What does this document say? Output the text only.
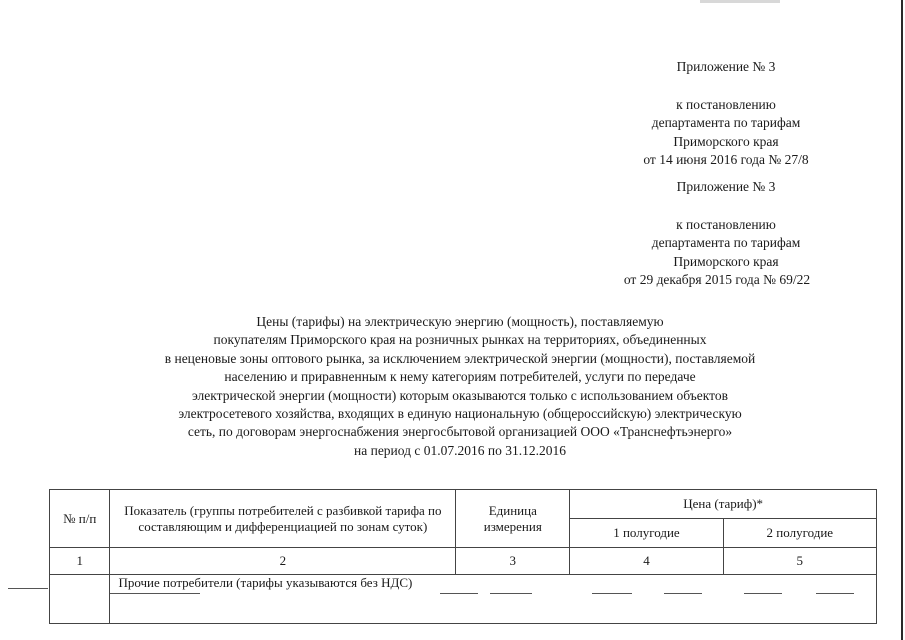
Приложение № 3
к постановлению
департамента по тарифам
Приморского края
от 14 июня 2016 года № 27/8
Приложение № 3
к постановлению
департамента по тарифам
Приморского края
от 29 декабря 2015 года № 69/22
Цены (тарифы) на электрическую энергию (мощность), поставляемую
покупателям Приморского края на розничных рынках на территориях, объединенных
в неценовые зоны оптового рынка, за исключением электрической энергии (мощности), поставляемой
населению и приравненным к нему категориям потребителей, услуги по передаче
электрической энергии (мощности) которым оказываются только с использованием объектов
электросетевого хозяйства, входящих в единую национальную (общероссийскую) электрическую
сеть, по договорам энергоснабжения энергосбытовой организацией ООО «Транснефтьэнерго»
на период с 01.07.2016 по 31.12.2016
№ п/п	Показатель (группы потребителей с разбивкой тарифа по составляющим и дифференциацией по зонам суток)	Единица измерения	Цена (тариф)*	
			1 полугодие	2 полугодие
1	2	3	4	5
	Прочие потребители (тарифы указываются без НДС)			
